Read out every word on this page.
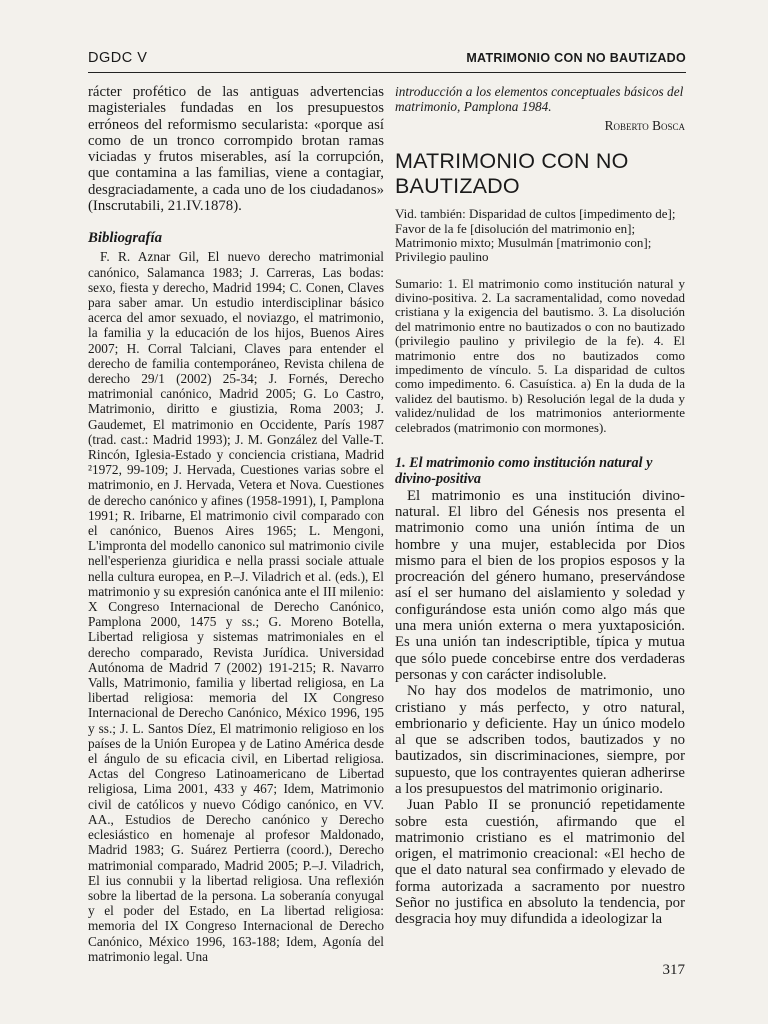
DGDC V	MATRIMONIO CON NO BAUTIZADO

rácter profético de las antiguas advertencias magisteriales fundadas en los presupuestos erróneos del reformismo secularista: «porque así como de un tronco corrompido brotan ramas viciadas y frutos miserables, así la corrupción, que contamina a las familias, viene a contagiar, desgraciadamente, a cada uno de los ciudadanos» (Inscrutabili, 21.IV.1878).

Bibliografía

F. R. Aznar Gil, El nuevo derecho matrimonial canónico, Salamanca 1983; J. Carreras, Las bodas: sexo, fiesta y derecho, Madrid 1994; C. Conen, Claves para saber amar. Un estudio interdisciplinar básico acerca del amor sexuado, el noviazgo, el matrimonio, la familia y la educación de los hijos, Buenos Aires 2007; H. Corral Talciani, Claves para entender el derecho de familia contemporáneo, Revista chilena de derecho 29/1 (2002) 25-34; J. Fornés, Derecho matrimonial canónico, Madrid 2005; G. Lo Castro, Matrimonio, diritto e giustizia, Roma 2003; J. Gaudemet, El matrimonio en Occidente, París 1987 (trad. cast.: Madrid 1993); J. M. González del Valle-T. Rincón, Iglesia-Estado y conciencia cristiana, Madrid ²1972, 99-109; J. Hervada, Cuestiones varias sobre el matrimonio, en J. Hervada, Vetera et Nova. Cuestiones de derecho canónico y afines (1958-1991), I, Pamplona 1991; R. Iribarne, El matrimonio civil comparado con el canónico, Buenos Aires 1965; L. Mengoni, L'impronta del modello canonico sul matrimonio civile nell'esperienza giuridica e nella prassi sociale attuale nella cultura europea, en P.–J. Viladrich et al. (eds.), El matrimonio y su expresión canónica ante el III milenio: X Congreso Internacional de Derecho Canónico, Pamplona 2000, 1475 y ss.; G. Moreno Botella, Libertad religiosa y sistemas matrimoniales en el derecho comparado, Revista Jurídica. Universidad Autónoma de Madrid 7 (2002) 191-215; R. Navarro Valls, Matrimonio, familia y libertad religiosa, en La libertad religiosa: memoria del IX Congreso Internacional de Derecho Canónico, México 1996, 195 y ss.; J. L. Santos Díez, El matrimonio religioso en los países de la Unión Europea y de Latino América desde el ángulo de su eficacia civil, en Libertad religiosa. Actas del Congreso Latinoamericano de Libertad religiosa, Lima 2001, 433 y 467; Idem, Matrimonio civil de católicos y nuevo Código canónico, en VV. AA., Estudios de Derecho canónico y Derecho eclesiástico en homenaje al profesor Maldonado, Madrid 1983; G. Suárez Pertierra (coord.), Derecho matrimonial comparado, Madrid 2005; P.–J. Viladrich, El ius connubii y la libertad religiosa. Una reflexión sobre la libertad de la persona. La soberanía conyugal y el poder del Estado, en La libertad religiosa: memoria del IX Congreso Internacional de Derecho Canónico, México 1996, 163-188; Idem, Agonía del matrimonio legal. Una

introducción a los elementos conceptuales básicos del matrimonio, Pamplona 1984.

Roberto Bosca
MATRIMONIO CON NO BAUTIZADO

Vid. también: Disparidad de cultos [impedimento de]; Favor de la fe [disolución del matrimonio en]; Matrimonio mixto; Musulmán [matrimonio con]; Privilegio paulino

Sumario: 1. El matrimonio como institución natural y divino-positiva. 2. La sacramentalidad, como novedad cristiana y la exigencia del bautismo. 3. La disolución del matrimonio entre no bautizados o con no bautizado (privilegio paulino y privilegio de la fe). 4. El matrimonio entre dos no bautizados como impedimento de vínculo. 5. La disparidad de cultos como impedimento. 6. Casuística. a) En la duda de la validez del bautismo. b) Resolución legal de la duda y validez/nulidad de los matrimonios anteriormente celebrados (matrimonio con mormones).

1. El matrimonio como institución natural y divino-positiva

El matrimonio es una institución divino-natural. El libro del Génesis nos presenta el matrimonio como una unión íntima de un hombre y una mujer, establecida por Dios mismo para el bien de los propios esposos y la procreación del género humano, preservándose así el ser humano del aislamiento y soledad y configurándose esta unión como algo más que una mera unión externa o mera yuxtaposición. Es una unión tan indescriptible, típica y mutua que sólo puede concebirse entre dos verdaderas personas y con carácter indisoluble.

No hay dos modelos de matrimonio, uno cristiano y más perfecto, y otro natural, embrionario y deficiente. Hay un único modelo al que se adscriben todos, bautizados y no bautizados, sin discriminaciones, siempre, por supuesto, que los contrayentes quieran adherirse a los presupuestos del matrimonio originario.

Juan Pablo II se pronunció repetidamente sobre esta cuestión, afirmando que el matrimonio cristiano es el matrimonio del origen, el matrimonio creacional: «El hecho de que el dato natural sea confirmado y elevado de forma autorizada a sacramento por nuestro Señor no justifica en absoluto la tendencia, por desgracia hoy muy difundida a ideologizar la

317
